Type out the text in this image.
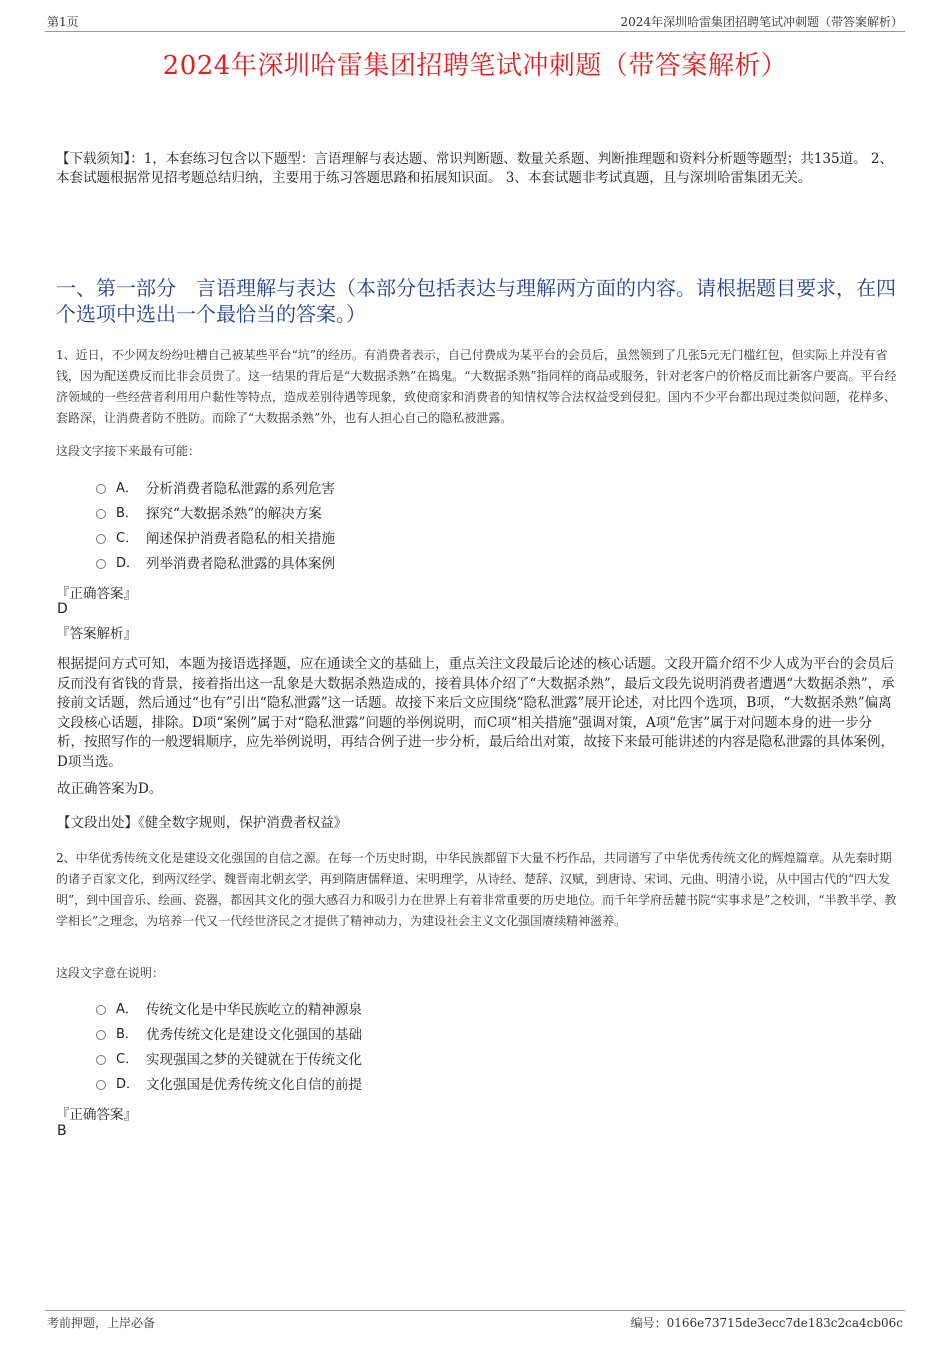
第1页	2024年深圳哈雷集团招聘笔试冲刺题（带答案解析）
2024年深圳哈雷集团招聘笔试冲刺题（带答案解析）
【下载须知】：1，本套练习包含以下题型：言语理解与表达题、常识判断题、数量关系题、判断推理题和资料分析题等题型；共135道。 2、本套试题根据常见招考题总结归纳，主要用于练习答题思路和拓展知识面。 3、本套试题非考试真题，且与深圳哈雷集团无关。
一、第一部分　言语理解与表达（本部分包括表达与理解两方面的内容。请根据题目要求，在四个选项中选出一个最恰当的答案。）
1、近日，不少网友纷纷吐槽自己被某些平台“坑”的经历。有消费者表示，自己付费成为某平台的会员后，虽然领到了几张5元无门槛红包，但实际上并没有省钱，因为配送费反而比非会员贵了。这一结果的背后是“大数据杀熟”在捣鬼。“大数据杀熟”指同样的商品或服务，针对老客户的价格反而比新客户要高。平台经济领域的一些经营者利用用户黏性等特点，造成差别待遇等现象，致使商家和消费者的知情权等合法权益受到侵犯。国内不少平台都出现过类似问题，花样多、套路深，让消费者防不胜防。而除了“大数据杀熟”外，也有人担心自己的隐私被泄露。
这段文字接下来最有可能：
A． 分析消费者隐私泄露的系列危害
B． 探究“大数据杀熟”的解决方案
C． 阐述保护消费者隐私的相关措施
D． 列举消费者隐私泄露的具体案例
『正确答案』
D
『答案解析』
根据提问方式可知，本题为接语选择题，应在通读全文的基础上，重点关注文段最后论述的核心话题。文段开篇介绍不少人成为平台的会员后反而没有省钱的背景，接着指出这一乱象是大数据杀熟造成的，接着具体介绍了“大数据杀熟”，最后文段先说明消费者遭遇“大数据杀熟”，承接前文话题，然后通过“也有”引出“隐私泄露”这一话题。故接下来后文应围绕“隐私泄露”展开论述，对比四个选项，B项，“大数据杀熟”偏离文段核心话题，排除。D项“案例”属于对“隐私泄露”问题的举例说明，而C项“相关措施”强调对策，A项“危害”属于对问题本身的进一步分析，按照写作的一般逻辑顺序，应先举例说明，再结合例子进一步分析，最后给出对策，故接下来最可能讲述的内容是隐私泄露的具体案例，D项当选。
故正确答案为D。
【文段出处】《健全数字规则，保护消费者权益》
2、中华优秀传统文化是建设文化强国的自信之源。在每一个历史时期，中华民族都留下大量不朽作品，共同谱写了中华优秀传统文化的辉煌篇章。从先秦时期的诸子百家文化，到两汉经学、魏晋南北朝玄学，再到隋唐儒释道、宋明理学，从诗经、楚辞、汉赋，到唐诗、宋词、元曲、明清小说，从中国古代的“四大发明”，到中国音乐、绘画、瓷器，都因其文化的强大感召力和吸引力在世界上有着非常重要的历史地位。而千年学府岳麓书院“实事求是”之校训，“半教半学、教学相长”之理念，为培养一代又一代经世济民之才提供了精神动力，为建设社会主义文化强国赓续精神滋养。
这段文字意在说明：
A． 传统文化是中华民族屹立的精神源泉
B． 优秀传统文化是建设文化强国的基础
C． 实现强国之梦的关键就在于传统文化
D． 文化强国是优秀传统文化自信的前提
『正确答案』
B
考前押题，上岸必备	编号：0166e73715de3ecc7de183c2ca4cb06c
